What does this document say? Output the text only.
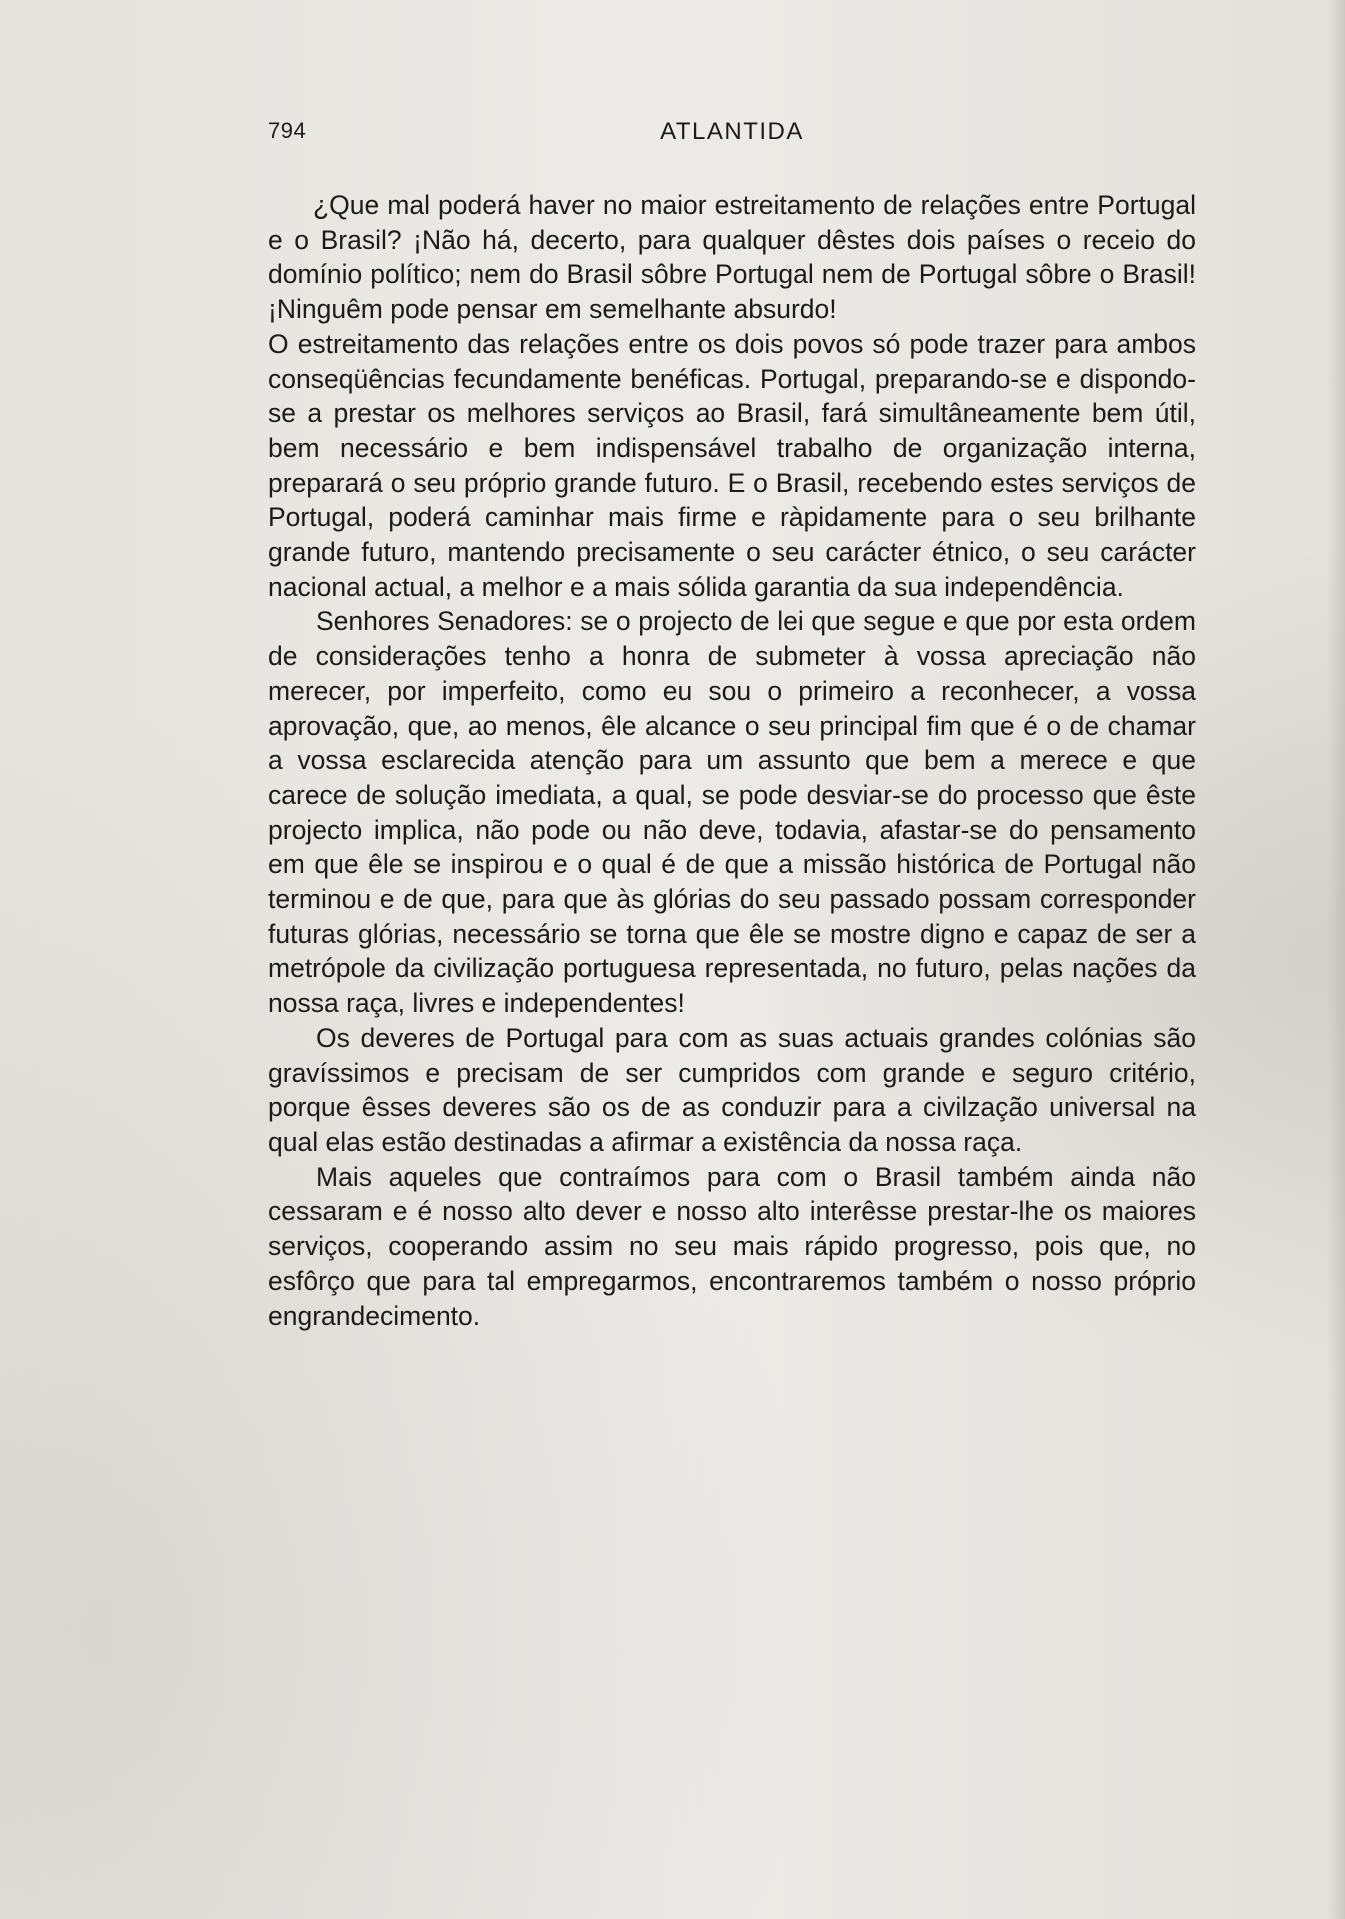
794	ATLANTIDA

¿Que mal poderá haver no maior estreitamento de relações entre Portugal e o Brasil? ¡Não há, decerto, para qualquer dêstes dois países o receio do domínio político; nem do Brasil sôbre Portugal nem de Portugal sôbre o Brasil! ¡Ninguêm pode pensar em semelhante absurdo!

O estreitamento das relações entre os dois povos só pode trazer para ambos conseqüências fecundamente benéficas. Portugal, preparando-se e dispondo-se a prestar os melhores serviços ao Brasil, fará simultâneamente bem útil, bem necessário e bem indispensável trabalho de organização interna, preparará o seu próprio grande futuro. E o Brasil, recebendo estes serviços de Portugal, poderá caminhar mais firme e ràpidamente para o seu brilhante grande futuro, mantendo precisamente o seu carácter étnico, o seu carácter nacional actual, a melhor e a mais sólida garantia da sua independência.

Senhores Senadores: se o projecto de lei que segue e que por esta ordem de considerações tenho a honra de submeter à vossa apreciação não merecer, por imperfeito, como eu sou o primeiro a reconhecer, a vossa aprovação, que, ao menos, êle alcance o seu principal fim que é o de chamar a vossa esclarecida atenção para um assunto que bem a merece e que carece de solução imediata, a qual, se pode desviar-se do processo que êste projecto implica, não pode ou não deve, todavia, afastar-se do pensamento em que êle se inspirou e o qual é de que a missão histórica de Portugal não terminou e de que, para que às glórias do seu passado possam corresponder futuras glórias, necessário se torna que êle se mostre digno e capaz de ser a metrópole da civilização portuguesa representada, no futuro, pelas nações da nossa raça, livres e independentes!

Os deveres de Portugal para com as suas actuais grandes colónias são gravíssimos e precisam de ser cumpridos com grande e seguro critério, porque êsses deveres são os de as conduzir para a civilzação universal na qual elas estão destinadas a afirmar a existência da nossa raça.

Mais aqueles que contraímos para com o Brasil também ainda não cessaram e é nosso alto dever e nosso alto interêsse prestar-lhe os maiores serviços, cooperando assim no seu mais rápido progresso, pois que, no esfôrço que para tal empregarmos, encontraremos também o nosso próprio engrandecimento.
